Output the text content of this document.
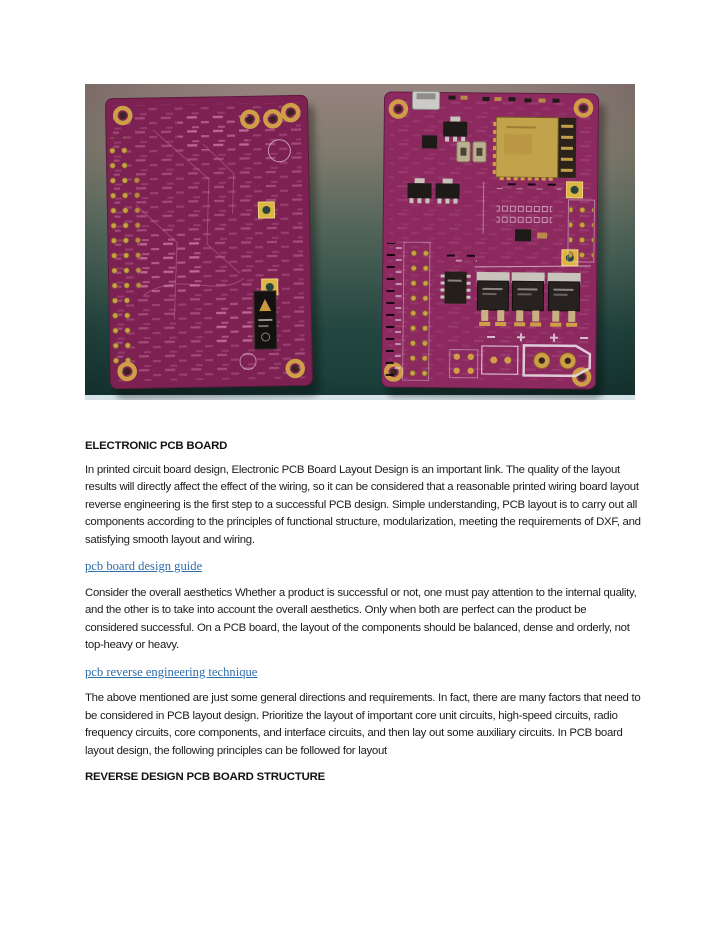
ELECTRONIC PCB BOARD

In printed circuit board design, Electronic PCB Board Layout Design is an important link. The quality of the layout results will directly affect the effect of the wiring, so it can be considered that a reasonable printed wiring board layout reverse engineering is the first step to a successful PCB design. Simple understanding, PCB layout is to carry out all components according to the principles of functional structure, modularization, meeting the requirements of DXF, and satisfying smooth layout and wiring.

pcb board design guide

Consider the overall aesthetics Whether a product is successful or not, one must pay attention to the internal quality, and the other is to take into account the overall aesthetics. Only when both are perfect can the product be considered successful. On a PCB board, the layout of the components should be balanced, dense and orderly, not top-heavy or heavy.

pcb reverse engineering technique

The above mentioned are just some general directions and requirements. In fact, there are many factors that need to be considered in PCB layout design. Prioritize the layout of important core unit circuits, high-speed circuits, radio frequency circuits, core components, and interface circuits, and then lay out some auxiliary circuits. In PCB board layout design, the following principles can be followed for layout

REVERSE DESIGN PCB BOARD STRUCTURE
